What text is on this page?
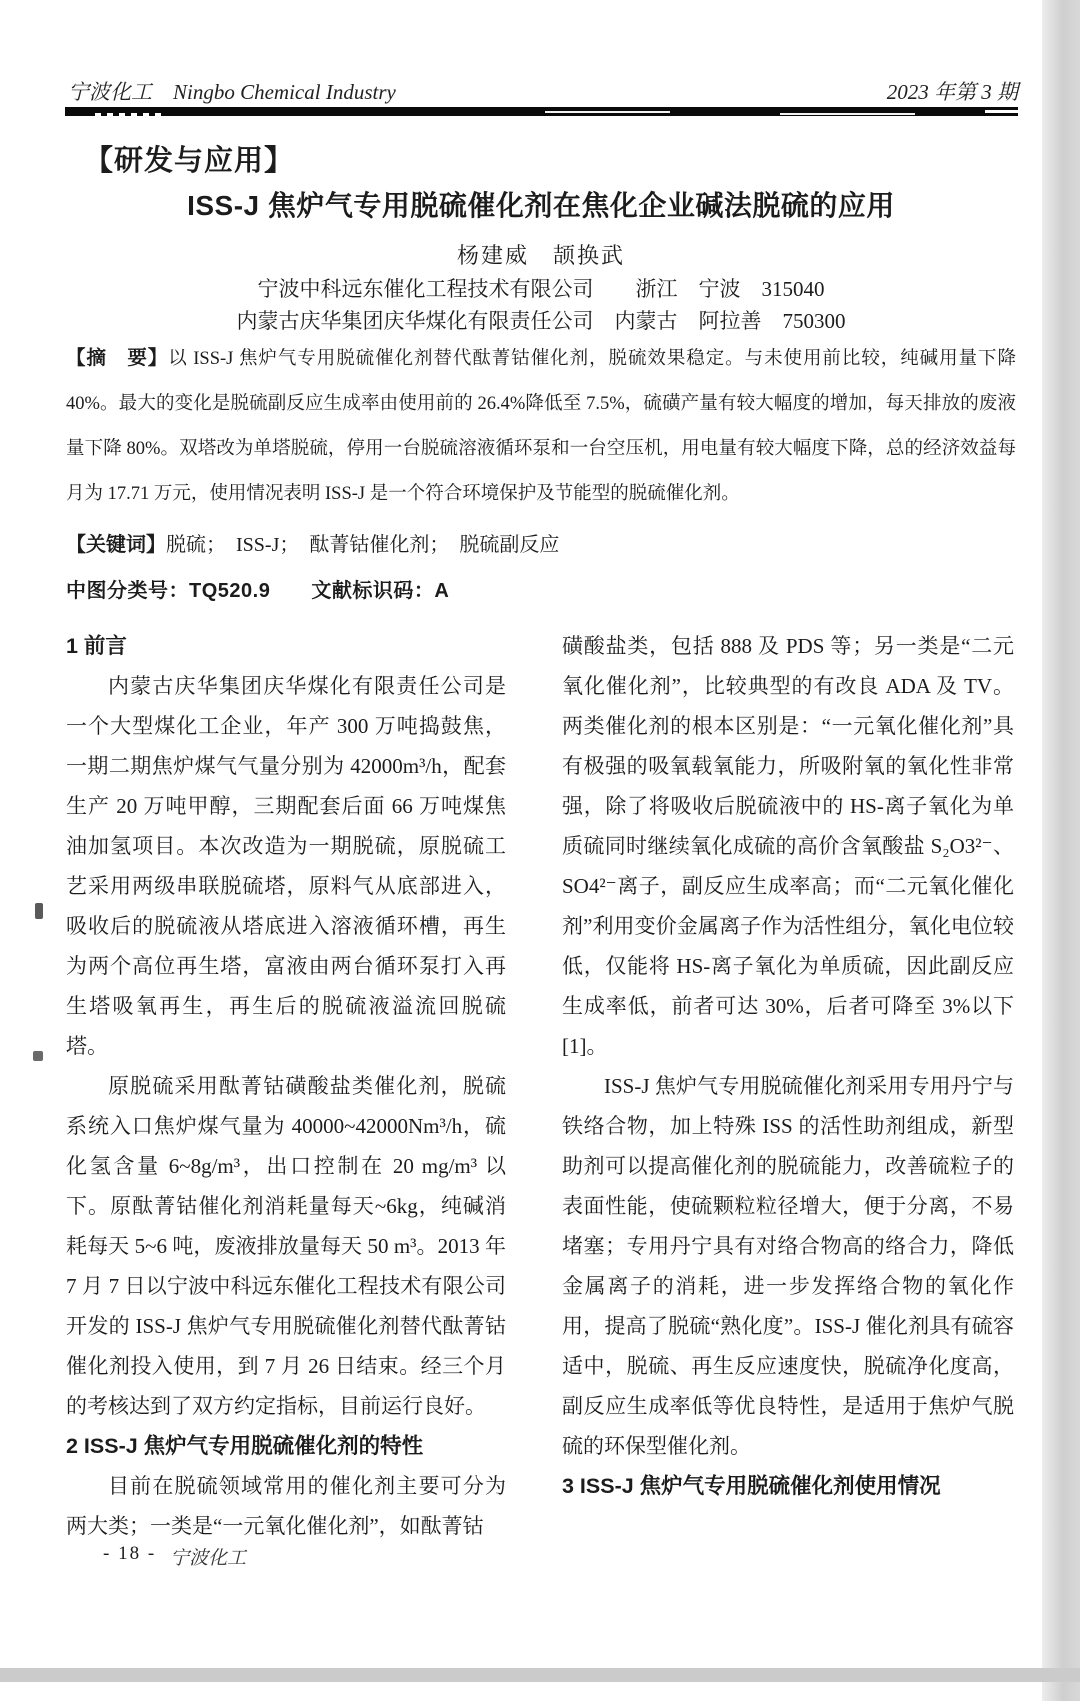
宁波化工　Ningbo Chemical Industry	2023 年第 3 期
【研发与应用】
ISS-J 焦炉气专用脱硫催化剂在焦化企业碱法脱硫的应用
杨建威　颉换武
宁波中科远东催化工程技术有限公司　　浙江　宁波　315040
内蒙古庆华集团庆华煤化有限责任公司　内蒙古　阿拉善　750300
【摘　要】以 ISS-J 焦炉气专用脱硫催化剂替代酞菁钴催化剂，脱硫效果稳定。与未使用前比较，纯碱用量下降 40%。最大的变化是脱硫副反应生成率由使用前的 26.4%降低至 7.5%，硫磺产量有较大幅度的增加，每天排放的废液量下降 80%。双塔改为单塔脱硫，停用一台脱硫溶液循环泵和一台空压机，用电量有较大幅度下降，总的经济效益每月为 17.71 万元，使用情况表明 ISS-J 是一个符合环境保护及节能型的脱硫催化剂。
【关键词】脱硫；　ISS-J；　酞菁钴催化剂；　脱硫副反应
中图分类号：TQ520.9　　文献标识码：A
1 前言
内蒙古庆华集团庆华煤化有限责任公司是一个大型煤化工企业，年产 300 万吨捣鼓焦，一期二期焦炉煤气气量分别为 42000m³/h，配套生产 20 万吨甲醇，三期配套后面 66 万吨煤焦油加氢项目。本次改造为一期脱硫，原脱硫工艺采用两级串联脱硫塔，原料气从底部进入，吸收后的脱硫液从塔底进入溶液循环槽，再生为两个高位再生塔，富液由两台循环泵打入再生塔吸氧再生，再生后的脱硫液溢流回脱硫塔。
原脱硫采用酞菁钴磺酸盐类催化剂，脱硫系统入口焦炉煤气量为 40000~42000Nm³/h，硫化氢含量 6~8g/m³，出口控制在 20 mg/m³ 以下。原酞菁钴催化剂消耗量每天~6kg，纯碱消耗每天 5~6 吨，废液排放量每天 50 m³。2013 年 7 月 7 日以宁波中科远东催化工程技术有限公司开发的 ISS-J 焦炉气专用脱硫催化剂替代酞菁钴催化剂投入使用，到 7 月 26 日结束。经三个月的考核达到了双方约定指标，目前运行良好。
2 ISS-J 焦炉气专用脱硫催化剂的特性
目前在脱硫领域常用的催化剂主要可分为两大类；一类是“一元氧化催化剂”，如酞菁钴
磺酸盐类，包括 888 及 PDS 等；另一类是“二元氧化催化剂”，比较典型的有改良 ADA 及 TV。两类催化剂的根本区别是：“一元氧化催化剂”具有极强的吸氧载氧能力，所吸附氧的氧化性非常强，除了将吸收后脱硫液中的 HS-离子氧化为单质硫同时继续氧化成硫的高价含氧酸盐 S₂O3²⁻、SO4²⁻离子，副反应生成率高；而“二元氧化催化剂”利用变价金属离子作为活性组分，氧化电位较低，仅能将 HS-离子氧化为单质硫，因此副反应生成率低，前者可达 30%，后者可降至 3%以下[1]。
ISS-J 焦炉气专用脱硫催化剂采用专用丹宁与铁络合物，加上特殊 ISS 的活性助剂组成，新型助剂可以提高催化剂的脱硫能力，改善硫粒子的表面性能，使硫颗粒粒径增大，便于分离，不易堵塞；专用丹宁具有对络合物高的络合力，降低金属离子的消耗，进一步发挥络合物的氧化作用，提高了脱硫“熟化度”。ISS-J 催化剂具有硫容适中，脱硫、再生反应速度快，脱硫净化度高，副反应生成率低等优良特性，是适用于焦炉气脱硫的环保型催化剂。
3 ISS-J 焦炉气专用脱硫催化剂使用情况
- 18 - 宁波化工
